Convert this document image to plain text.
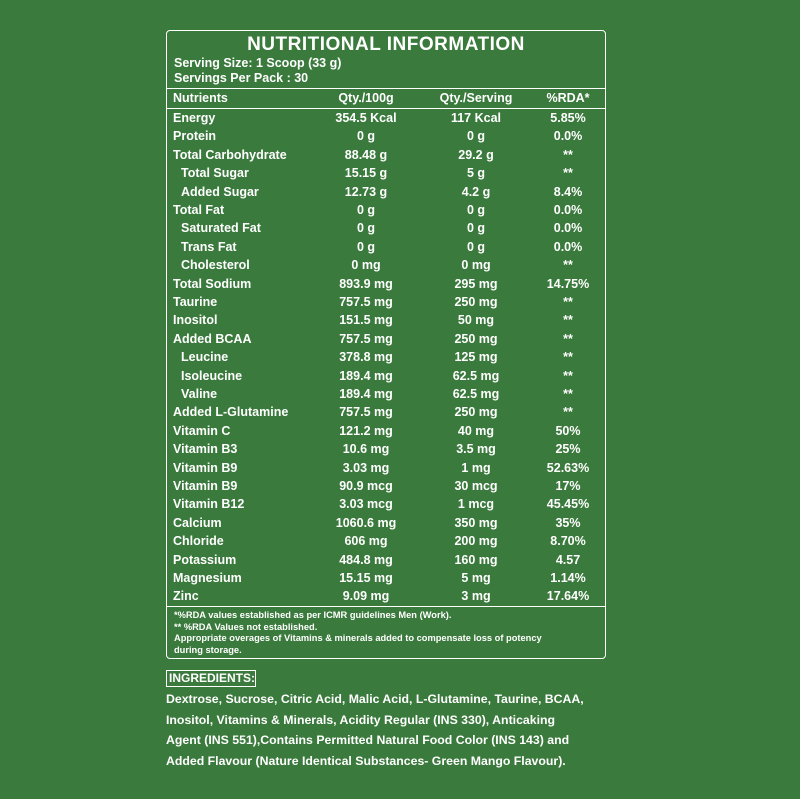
NUTRITIONAL INFORMATION
Serving Size: 1 Scoop (33 g)
Servings Per Pack : 30
Nutrients	Qty./100g	Qty./Serving	%RDA*
Energy	354.5 Kcal	117 Kcal	5.85%
Protein	0 g	0 g	0.0%
Total Carbohydrate	88.48 g	29.2 g	**
Total Sugar	15.15 g	5 g	**
Added Sugar	12.73 g	4.2 g	8.4%
Total Fat	0 g	0 g	0.0%
Saturated Fat	0 g	0 g	0.0%
Trans Fat	0 g	0 g	0.0%
Cholesterol	0 mg	0 mg	**
Total Sodium	893.9 mg	295 mg	14.75%
Taurine	757.5 mg	250 mg	**
Inositol	151.5 mg	50 mg	**
Added BCAA	757.5 mg	250 mg	**
Leucine	378.8 mg	125 mg	**
Isoleucine	189.4 mg	62.5 mg	**
Valine	189.4 mg	62.5 mg	**
Added L-Glutamine	757.5 mg	250 mg	**
Vitamin C	121.2 mg	40 mg	50%
Vitamin B3	10.6 mg	3.5 mg	25%
Vitamin B9	3.03 mg	1 mg	52.63%
Vitamin B9	90.9 mcg	30 mcg	17%
Vitamin B12	3.03 mcg	1 mcg	45.45%
Calcium	1060.6 mg	350 mg	35%
Chloride	606 mg	200 mg	8.70%
Potassium	484.8 mg	160 mg	4.57
Magnesium	15.15 mg	5 mg	1.14%
Zinc	9.09 mg	3 mg	17.64%
*%RDA values established as per ICMR guidelines Men (Work).
** %RDA Values not established.
Appropriate overages of Vitamins & minerals added to compensate loss of potency
during storage.
INGREDIENTS:
Dextrose, Sucrose, Citric Acid, Malic Acid, L-Glutamine, Taurine, BCAA,
Inositol, Vitamins & Minerals, Acidity Regular (INS 330), Anticaking
Agent (INS 551),Contains Permitted Natural Food Color (INS 143) and
Added Flavour (Nature Identical Substances- Green Mango Flavour).
